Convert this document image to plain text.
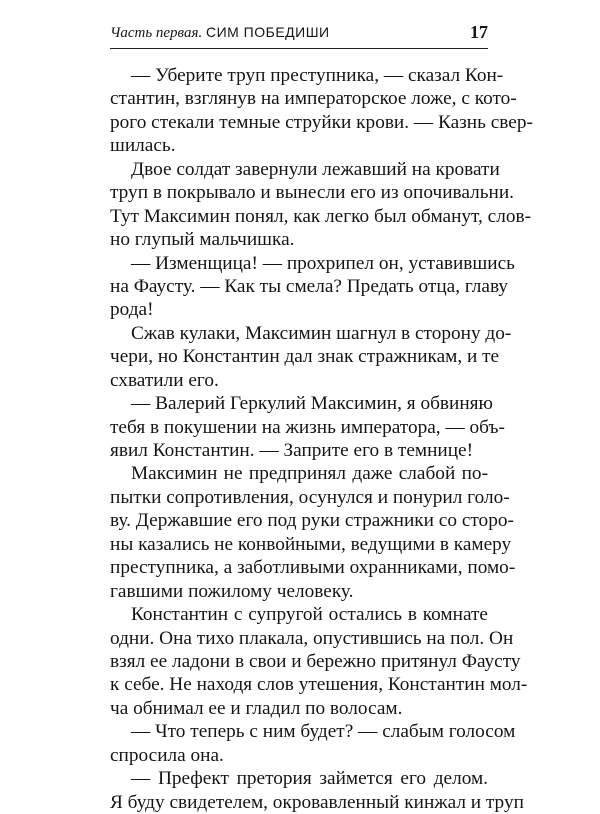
Часть первая. СИМ ПОБЕДИШИ	17
— Уберите труп преступника, — сказал Кон-
стантин, взглянув на императорское ложе, с кото-
рого стекали темные струйки крови. — Казнь свер-
шилась.
Двое солдат завернули лежавший на кровати
труп в покрывало и вынесли его из опочивальни.
Тут Максимин понял, как легко был обманут, слов-
но глупый мальчишка.
— Изменщица! — прохрипел он, уставившись
на Фаусту. — Как ты смела? Предать отца, главу
рода!
Сжав кулаки, Максимин шагнул в сторону до-
чери, но Константин дал знак стражникам, и те
схватили его.
— Валерий Геркулий Максимин, я обвиняю
тебя в покушении на жизнь императора, — объ-
явил Константин. — Заприте его в темнице!
Максимин не предпринял даже слабой по-
пытки сопротивления, осунулся и понурил голо-
ву. Державшие его под руки стражники со сторо-
ны казались не конвойными, ведущими в камеру
преступника, а заботливыми охранниками, помо-
гавшими пожилому человеку.
Константин с супругой остались в комнате
одни. Она тихо плакала, опустившись на пол. Он
взял ее ладони в свои и бережно притянул Фаусту
к себе. Не находя слов утешения, Константин мол-
ча обнимал ее и гладил по волосам.
— Что теперь с ним будет? — слабым голосом
спросила она.
— Префект претория займется его делом.
Я буду свидетелем, окровавленный кинжал и труп
